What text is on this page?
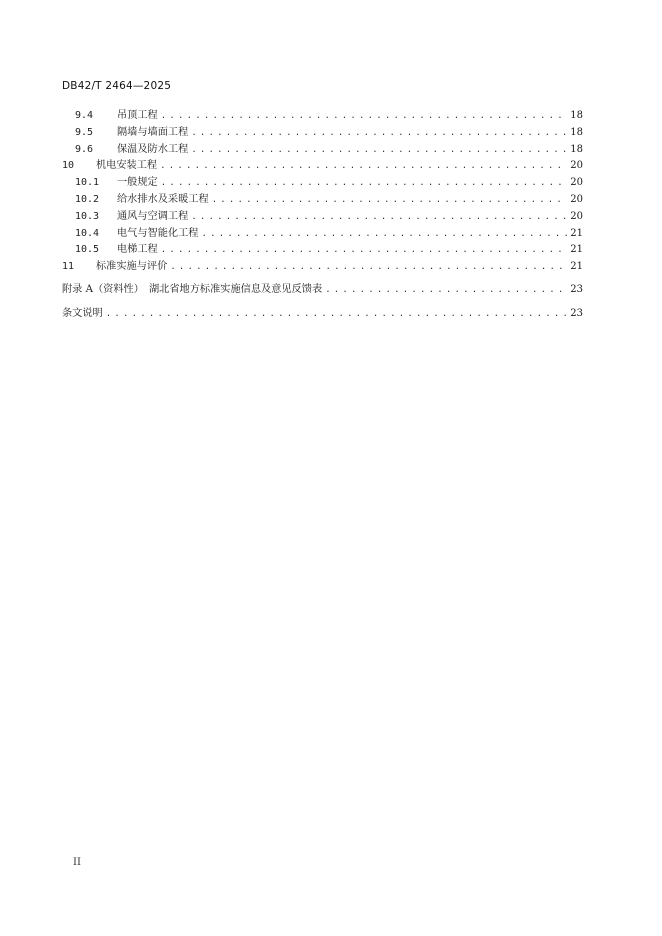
DB42/T 2464—2025
9.4	吊顶工程 .....	18
9.5	隔墙与墙面工程 .....	18
9.6	保温及防水工程 .....	18
10	机电安装工程 .....	20
10.1	一般规定 .....	20
10.2	给水排水及采暖工程 .....	20
10.3	通风与空调工程 .....	20
10.4	电气与智能化工程 .....	21
10.5	电梯工程 .....	21
11	标准实施与评价 .....	21
附录 A（资料性）　湖北省地方标准实施信息及意见反馈表 .....	23
条文说明 .....	23
II
